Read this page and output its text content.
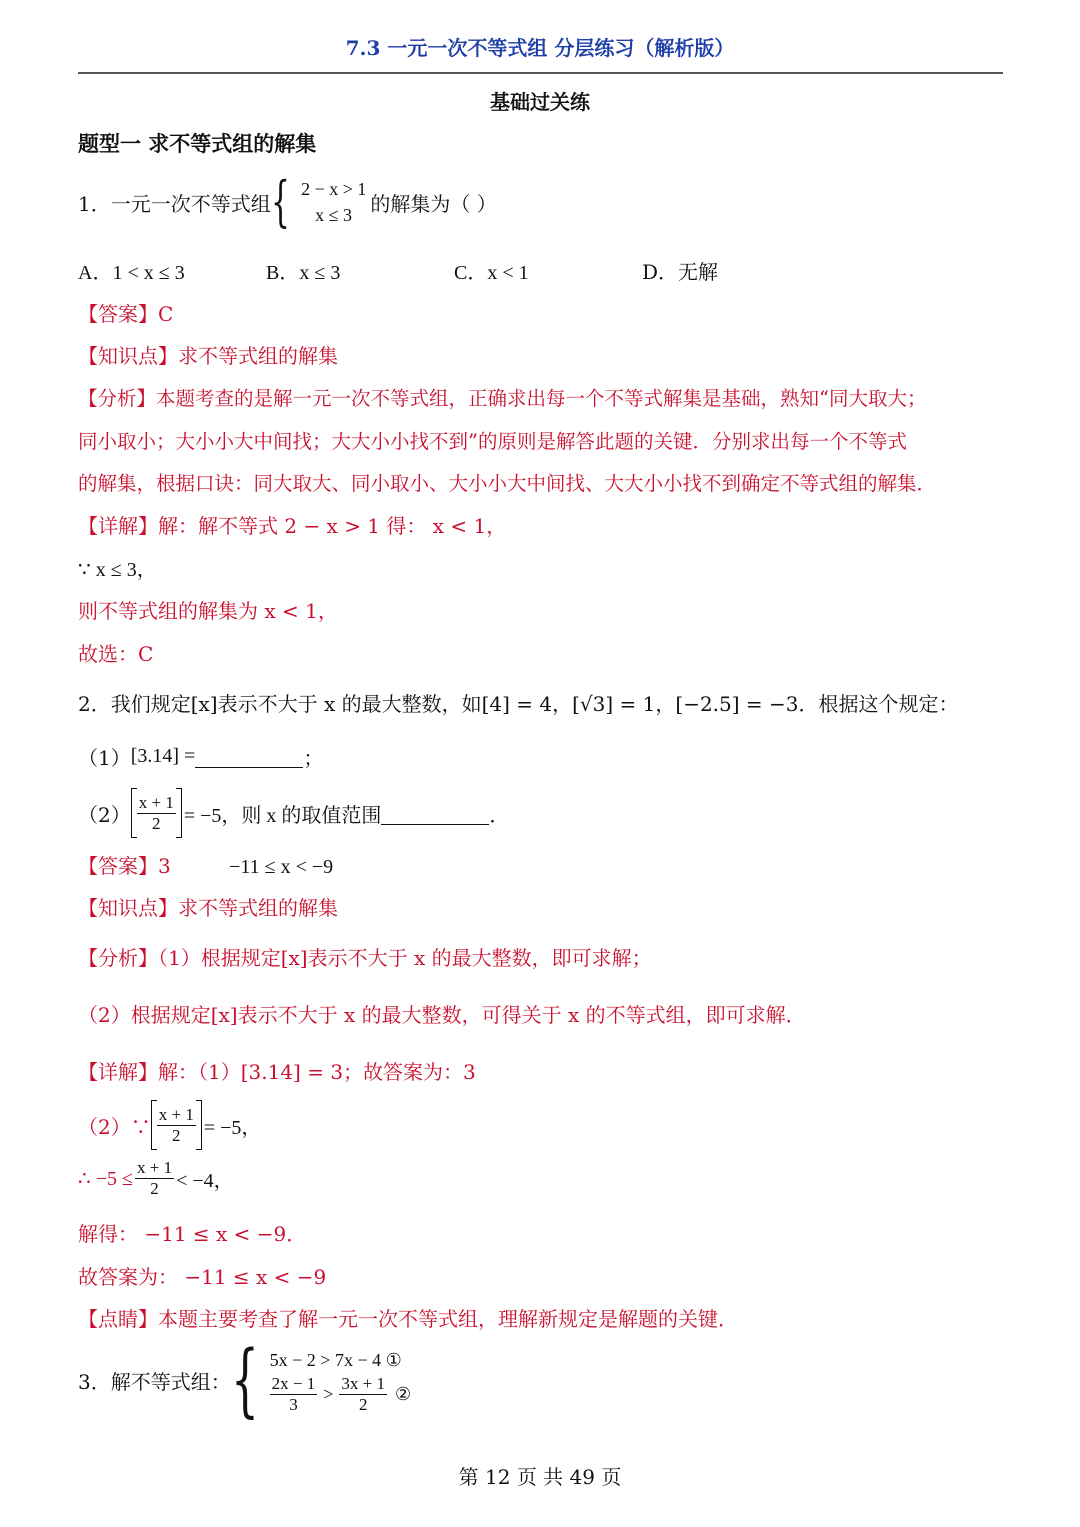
7.3 一元一次不等式组 分层练习（解析版）
基础过关练
题型一 求不等式组的解集
1．一元一次不等式组 { 2 − x > 1
x ≤ 3 的解集为（ ）
A．1 < x ≤ 3	B．x ≤ 3	C．x < 1	D．无解
【答案】C
【知识点】求不等式组的解集
【分析】本题考查的是解一元一次不等式组，正确求出每一个不等式解集是基础，熟知“同大取大；
同小取小；大小小大中间找；大大小小找不到”的原则是解答此题的关键．分别求出每一个不等式
的解集，根据口诀：同大取大、同小取小、大小小大中间找、大大小小找不到确定不等式组的解集．
【详解】解：解不等式 2 − x > 1 得： x < 1，
∵ x ≤ 3，
则不等式组的解集为 x < 1，
故选：C
2．我们规定[x]表示不大于 x 的最大整数，如[4] = 4，[√3] = 1，[−2.5] = −3．根据这个规定：
（1） [3.14] =	；
$(2) \frac{x + 1}{2} = -5$，则 x 的取值范围	．
【答案】3	−11 ≤ x < −9
【知识点】求不等式组的解集
【分析】（1）根据规定[x]表示不大于 x 的最大整数，即可求解；
（2）根据规定[x]表示不大于 x 的最大整数，可得关于 x 的不等式组，即可求解．
【详解】解：（1）[3.14] = 3；故答案为：3
（2）∵ $\frac{x + 1}{2} = -5$，
∴ $-5 \le \frac{x + 1}{2} < -4$，
解得： −11 ≤ x < −9．
故答案为： −11 ≤ x < −9
【点睛】本题主要考查了解一元一次不等式组，理解新规定是解题的关键．
3．解不等式组： { 5x − 2 > 7x − 4 ①
$\frac{2x - 1}{3} > \frac{3x + 1}{2}$ ②
第 12 页 共 49 页
